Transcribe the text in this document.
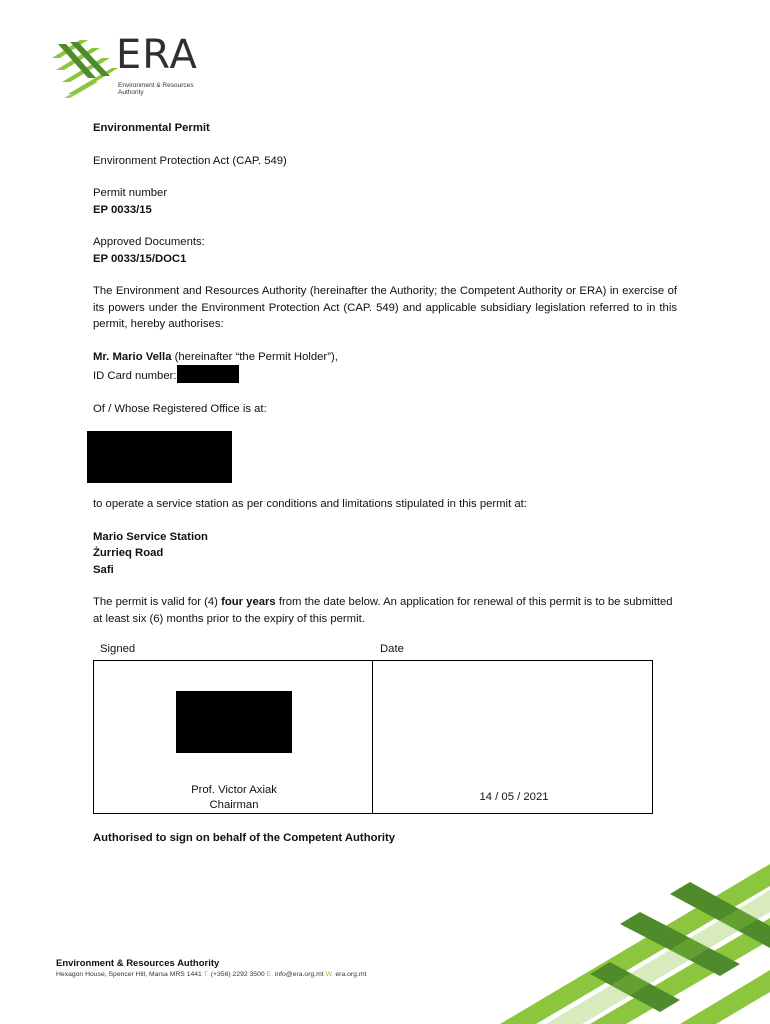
ERA
Environment & Resources Authority

Environmental Permit

Environment Protection Act (CAP. 549)

Permit number

EP 0033/15

Approved Documents:

EP 0033/15/DOC1

The Environment and Resources Authority (hereinafter the Authority; the Competent Authority or ERA) in exercise of its powers under the Environment Protection Act (CAP. 549) and applicable subsidiary legislation referred to in this permit, hereby authorises:

Mr. Mario Vella (hereinafter “the Permit Holder”),

ID Card number:

Of / Whose Registered Office is at:

to operate a service station as per conditions and limitations stipulated in this permit at:

Mario Service Station

Żurrieq Road

Safi

The permit is valid for (4) four years from the date below. An application for renewal of this permit is to be submitted at least six (6) months prior to the expiry of this permit.

Signed	Date
Prof. Victor Axiak
Chairman
14 / 05 / 2021
Authorised to sign on behalf of the Competent Authority
Environment & Resources Authority
Hexagon House, Spencer Hill, Marsa MRS 1441 T. (+356) 2292 3500 E. info@era.org.mt W. era.org.mt
